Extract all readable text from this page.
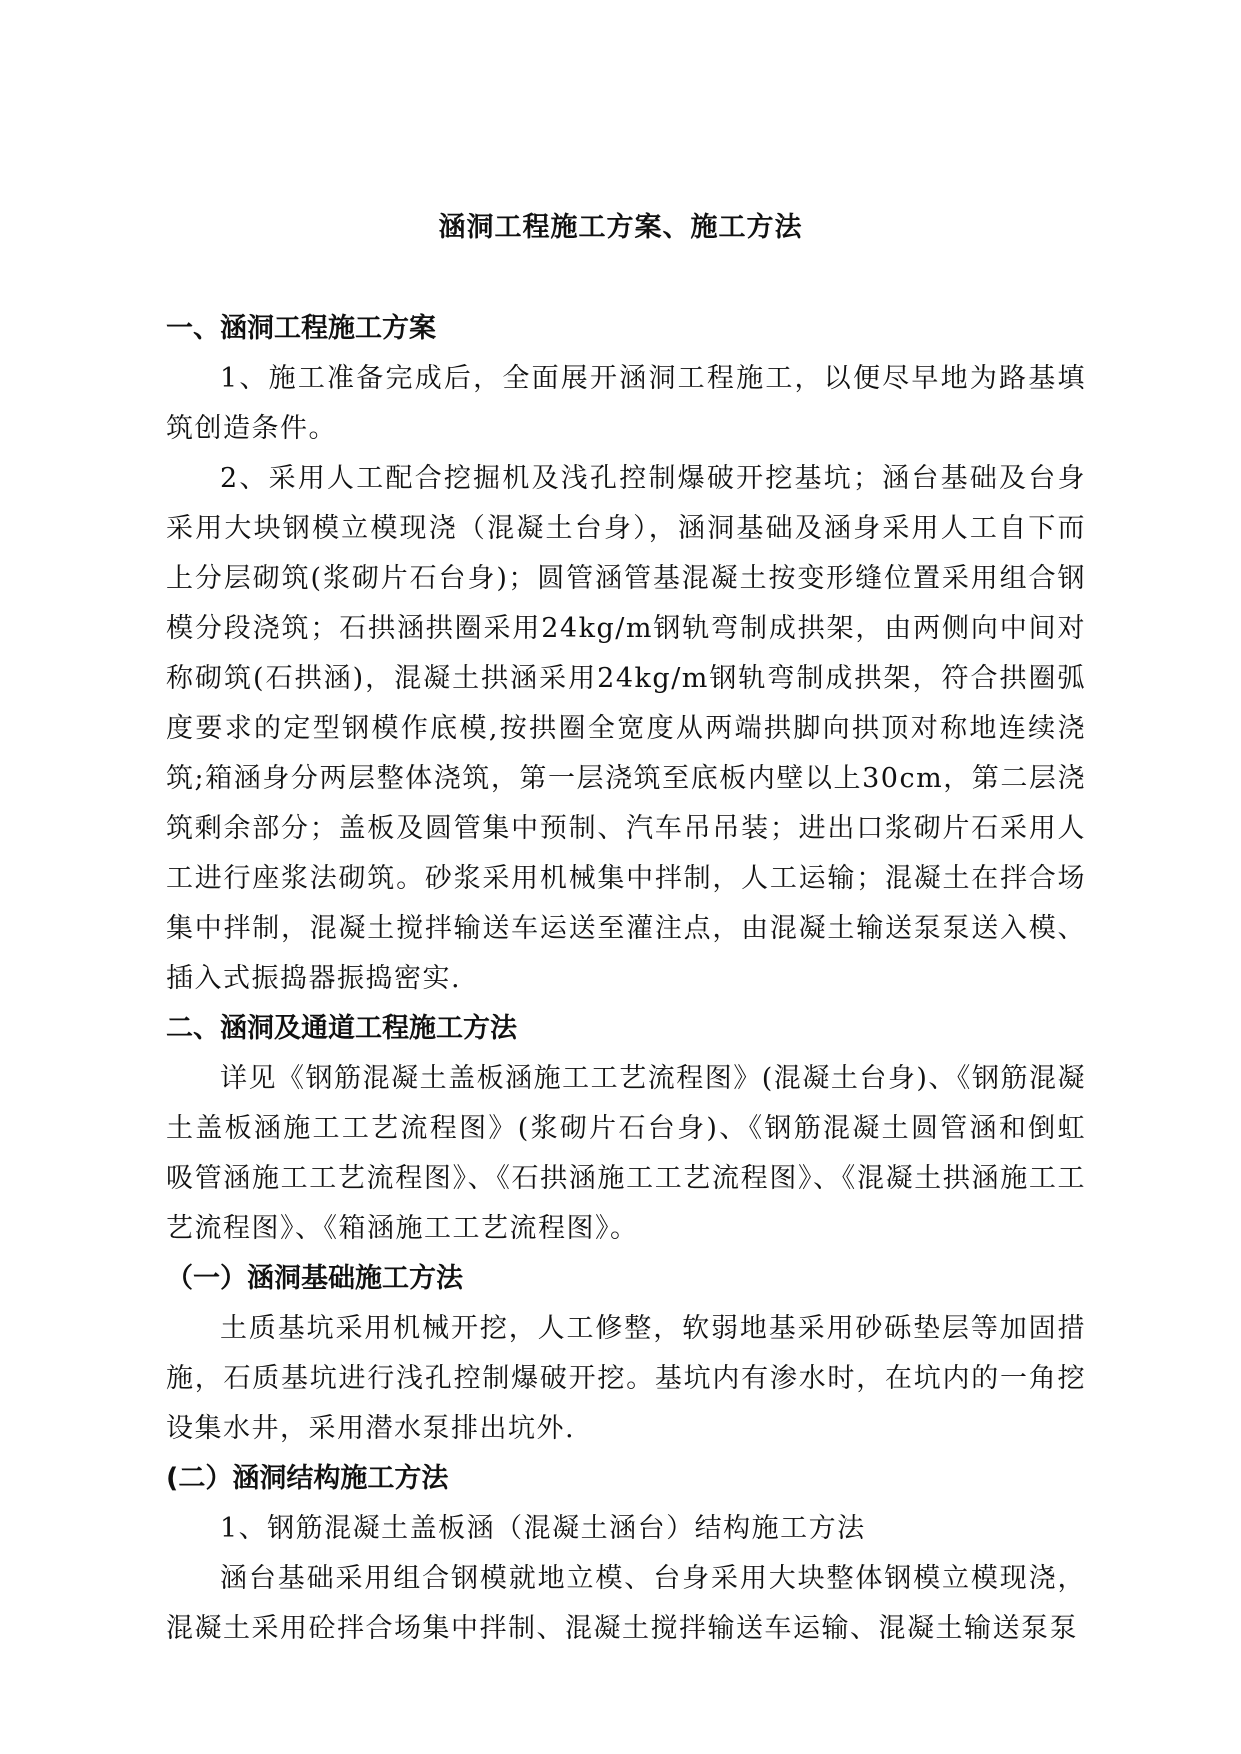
涵洞工程施工方案、施工方法
一、涵洞工程施工方案

1、施工准备完成后，全面展开涵洞工程施工，以便尽早地为路基填筑创造条件。

2、采用人工配合挖掘机及浅孔控制爆破开挖基坑；涵台基础及台身采用大块钢模立模现浇（混凝土台身），涵洞基础及涵身采用人工自下而上分层砌筑(浆砌片石台身)；圆管涵管基混凝土按变形缝位置采用组合钢模分段浇筑；石拱涵拱圈采用24kg/m钢轨弯制成拱架，由两侧向中间对称砌筑(石拱涵)，混凝土拱涵采用24kg/m钢轨弯制成拱架，符合拱圈弧度要求的定型钢模作底模,按拱圈全宽度从两端拱脚向拱顶对称地连续浇筑;箱涵身分两层整体浇筑，第一层浇筑至底板内壁以上30cm，第二层浇筑剩余部分；盖板及圆管集中预制、汽车吊吊装；进出口浆砌片石采用人工进行座浆法砌筑。砂浆采用机械集中拌制，人工运输；混凝土在拌合场集中拌制，混凝土搅拌输送车运送至灌注点，由混凝土输送泵泵送入模、插入式振捣器振捣密实.

二、涵洞及通道工程施工方法

详见《钢筋混凝土盖板涵施工工艺流程图》(混凝土台身)、《钢筋混凝土盖板涵施工工艺流程图》(浆砌片石台身)、《钢筋混凝土圆管涵和倒虹吸管涵施工工艺流程图》、《石拱涵施工工艺流程图》、《混凝土拱涵施工工艺流程图》、《箱涵施工工艺流程图》。

（一）涵洞基础施工方法

土质基坑采用机械开挖，人工修整，软弱地基采用砂砾垫层等加固措施，石质基坑进行浅孔控制爆破开挖。基坑内有渗水时，在坑内的一角挖设集水井，采用潜水泵排出坑外.

(二）涵洞结构施工方法

1、钢筋混凝土盖板涵（混凝土涵台）结构施工方法

涵台基础采用组合钢模就地立模、台身采用大块整体钢模立模现浇，混凝土采用砼拌合场集中拌制、混凝土搅拌输送车运输、混凝土输送泵泵
